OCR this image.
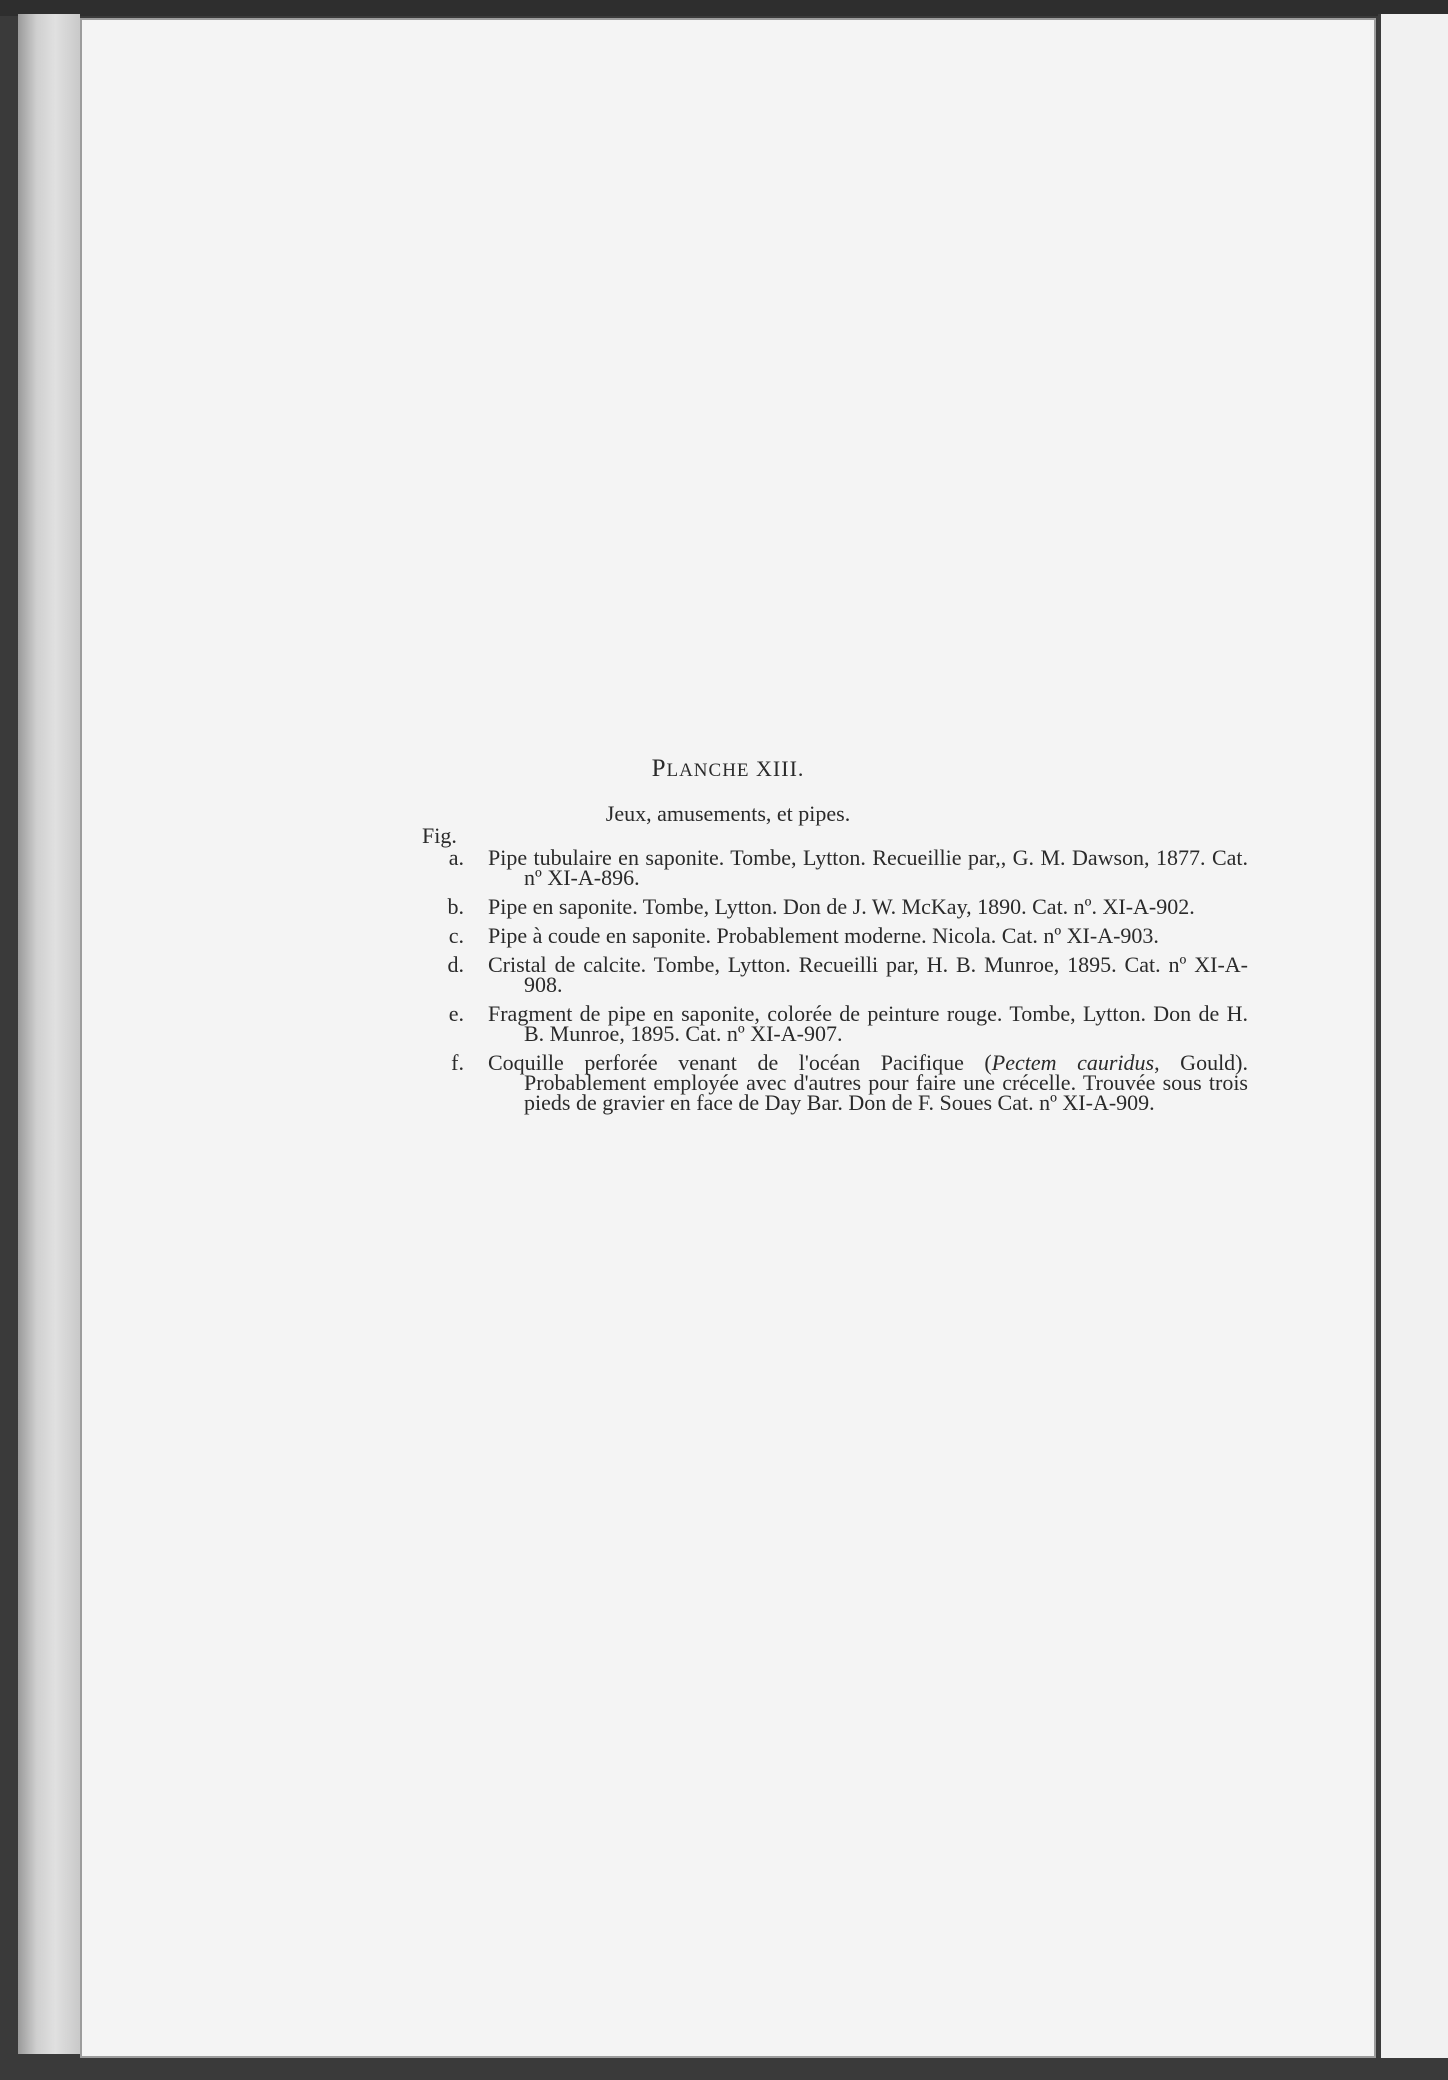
PLANCHE XIII.
Jeux, amusements, et pipes.
Fig.
a. Pipe tubulaire en saponite. Tombe, Lytton. Recueillie par,, G. M. Dawson, 1877. Cat. nº XI-A-896.
b. Pipe en saponite. Tombe, Lytton. Don de J. W. McKay, 1890. Cat. nº. XI-A-902.
c. Pipe à coude en saponite. Probablement moderne. Nicola. Cat. nº XI-A-903.
d. Cristal de calcite. Tombe, Lytton. Recueilli par, H. B. Munroe, 1895. Cat. nº XI-A-908.
e. Fragment de pipe en saponite, colorée de peinture rouge. Tombe, Lytton. Don de H. B. Munroe, 1895. Cat. nº XI-A-907.
f. Coquille perforée venant de l'océan Pacifique (Pectem cauridus, Gould). Probablement employée avec d'autres pour faire une crécelle. Trouvée sous trois pieds de gravier en face de Day Bar. Don de F. Soues Cat. nº XI-A-909.
